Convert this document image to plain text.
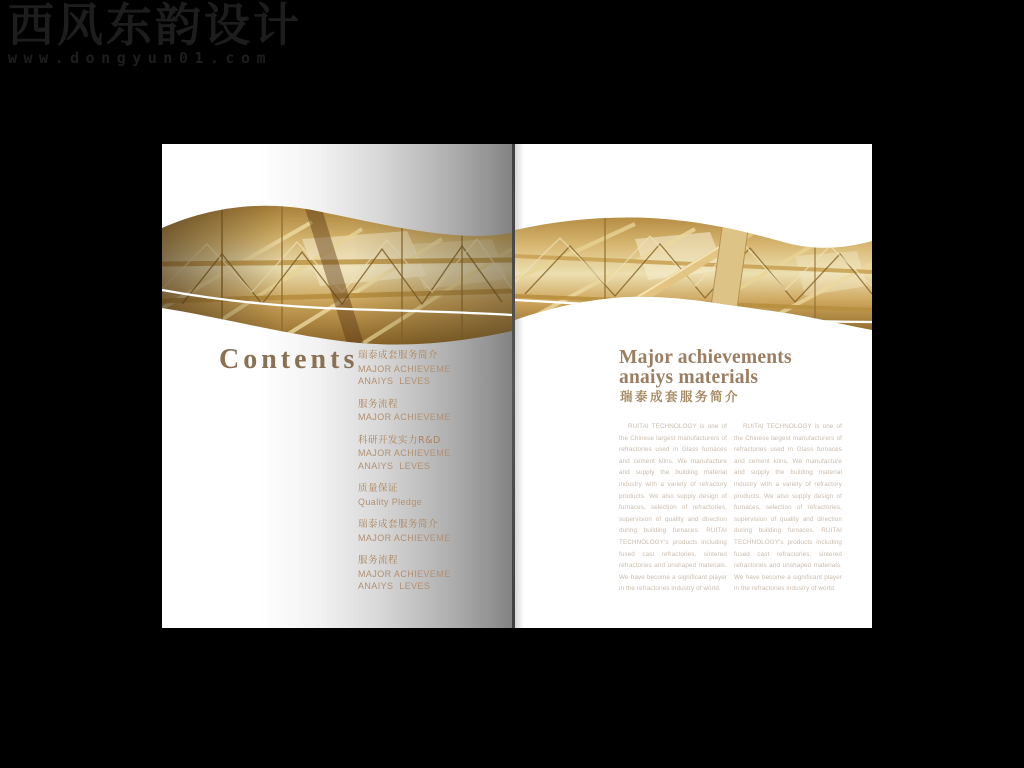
西风东韵设计
www.dongyun01.com
Contents 瑞泰成套服务简介
MAJOR ACHIEVEME
ANAIYS  LEVES
服务流程
MAJOR ACHIEVEME
科研开发实力R&D
MAJOR ACHIEVEME
ANAIYS  LEVES
质量保证
Quality Pledge
瑞泰成套服务简介
MAJOR ACHIEVEME
服务流程
MAJOR ACHIEVEME
ANAIYS  LEVES
Major achievements
anaiys materials
瑞泰成套服务简介

RUITAI TECHNOLOGY is one of the Chinese largest manufacturers of refractories used in Glass furnaces and cement kilns. We manufacture and supply the building material industry with a variety of refractory products. We also supply design of furnaces, selection of refractories, supervision of quality and direction during building furnaces. RUITAI TECHNOLOGY's products including fused cast refractories, sintered refractories and unshaped materials. We have become a significant player in the refractories industry of world.

RUITAI TECHNOLOGY is one of the Chinese largest manufacturers of refractories used in Glass furnaces and cement kilns. We manufacture and supply the building material industry with a variety of refractory products. We also supply design of furnaces, selection of refractories, supervision of quality and direction during building furnaces. RUITAI TECHNOLOGY's products including fused cast refractories, sintered refractories and unshaped materials. We have become a significant player in the refractories industry of world.
